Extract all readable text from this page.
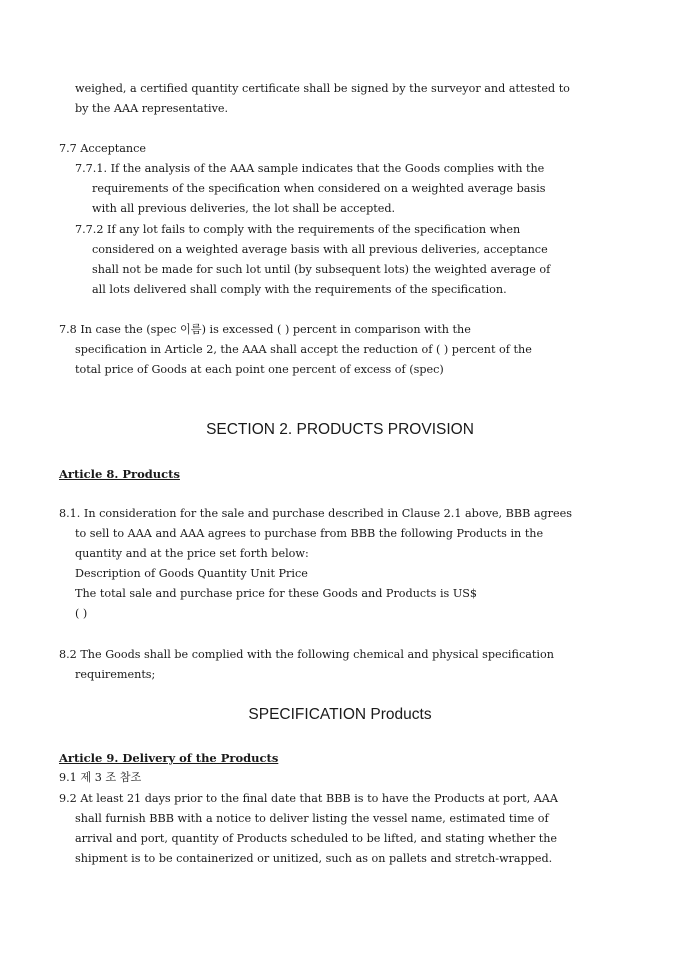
weighed, a certified quantity certificate shall be signed by the surveyor and attested to
by the AAA representative.
7.7 Acceptance
7.7.1. If the analysis of the AAA sample indicates that the Goods complies with the
requirements of the specification when considered on a weighted average basis
with all previous deliveries, the lot shall be accepted.
7.7.2 If any lot fails to comply with the requirements of the specification when
considered on a weighted average basis with all previous deliveries, acceptance
shall not be made for such lot until (by subsequent lots) the weighted average of
all lots delivered shall comply with the requirements of the specification.
7.8 In case the (spec 이름) is excessed ( ) percent in comparison with the
specification in Article 2, the AAA shall accept the reduction of ( ) percent of the
total price of Goods at each point one percent of excess of (spec)
SECTION 2. PRODUCTS PROVISION
Article 8. Products
8.1. In consideration for the sale and purchase described in Clause 2.1 above, BBB agrees
to sell to AAA and AAA agrees to purchase from BBB the following Products in the
quantity and at the price set forth below:
Description of Goods Quantity Unit Price
The total sale and purchase price for these Goods and Products is US$
( )
8.2 The Goods shall be complied with the following chemical and physical specification
requirements;
SPECIFICATION Products
Article 9. Delivery of the Products
9.1 제 3 조 참조
9.2 At least 21 days prior to the final date that BBB is to have the Products at port, AAA
shall furnish BBB with a notice to deliver listing the vessel name, estimated time of
arrival and port, quantity of Products scheduled to be lifted, and stating whether the
shipment is to be containerized or unitized, such as on pallets and stretch-wrapped.
